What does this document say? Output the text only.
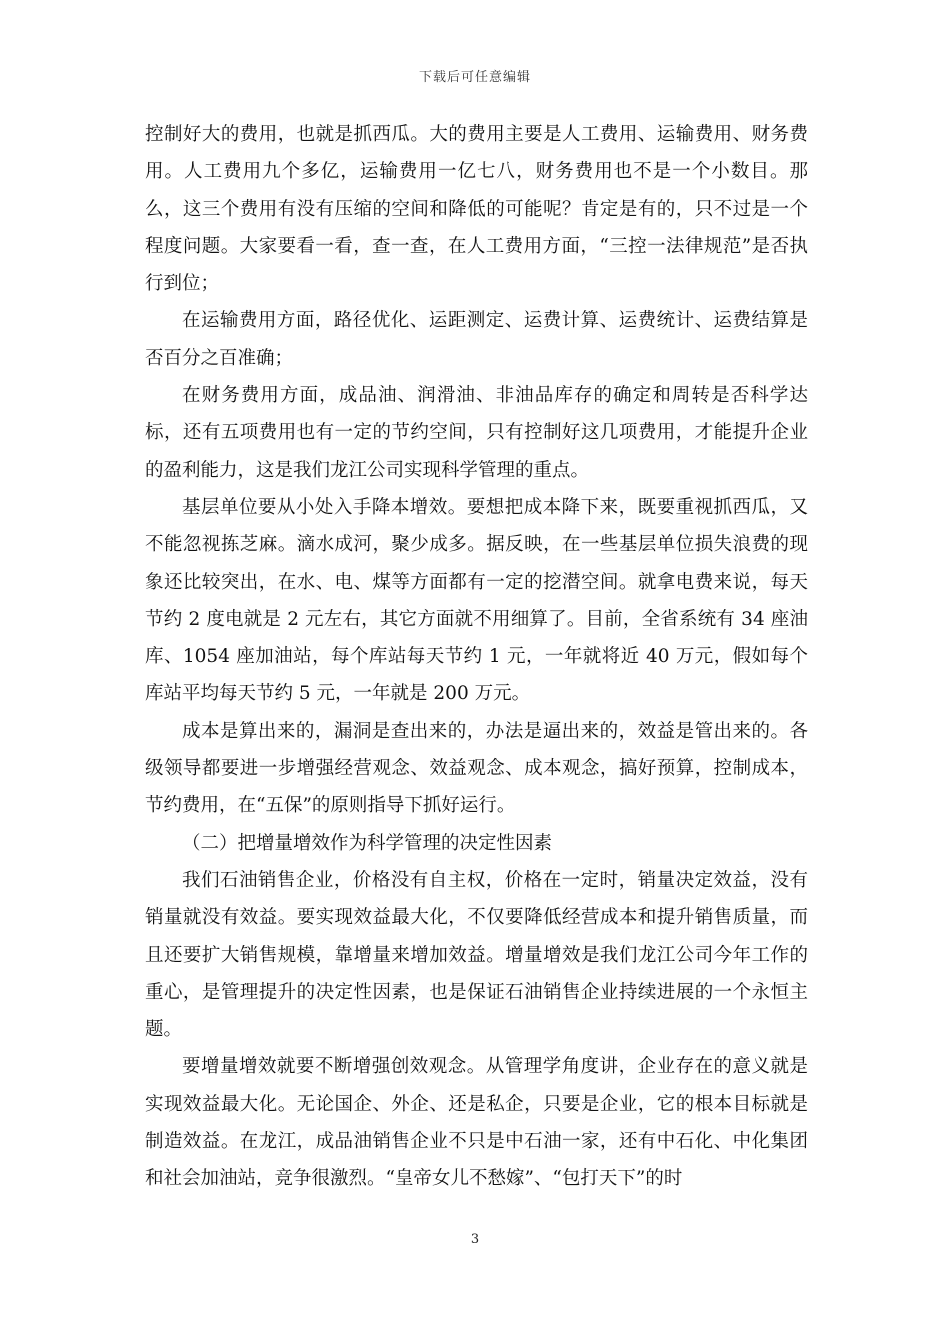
下载后可任意编辑

控制好大的费用，也就是抓西瓜。大的费用主要是人工费用、运输费用、财务费用。人工费用九个多亿，运输费用一亿七八，财务费用也不是一个小数目。那么，这三个费用有没有压缩的空间和降低的可能呢？肯定是有的，只不过是一个程度问题。大家要看一看，查一查，在人工费用方面，“三控一法律规范”是否执行到位；

在运输费用方面，路径优化、运距测定、运费计算、运费统计、运费结算是否百分之百准确；

在财务费用方面，成品油、润滑油、非油品库存的确定和周转是否科学达标，还有五项费用也有一定的节约空间，只有控制好这几项费用，才能提升企业的盈利能力，这是我们龙江公司实现科学管理的重点。

基层单位要从小处入手降本增效。要想把成本降下来，既要重视抓西瓜，又不能忽视拣芝麻。滴水成河，聚少成多。据反映，在一些基层单位损失浪费的现象还比较突出，在水、电、煤等方面都有一定的挖潜空间。就拿电费来说，每天节约 2 度电就是 2 元左右，其它方面就不用细算了。目前，全省系统有 34 座油库、1054 座加油站，每个库站每天节约 1 元，一年就将近 40 万元，假如每个库站平均每天节约 5 元，一年就是 200 万元。

成本是算出来的，漏洞是查出来的，办法是逼出来的，效益是管出来的。各级领导都要进一步增强经营观念、效益观念、成本观念，搞好预算，控制成本，节约费用，在“五保”的原则指导下抓好运行。

（二）把增量增效作为科学管理的决定性因素

我们石油销售企业，价格没有自主权，价格在一定时，销量决定效益，没有销量就没有效益。要实现效益最大化，不仅要降低经营成本和提升销售质量，而且还要扩大销售规模，靠增量来增加效益。增量增效是我们龙江公司今年工作的重心，是管理提升的决定性因素，也是保证石油销售企业持续进展的一个永恒主题。

要增量增效就要不断增强创效观念。从管理学角度讲，企业存在的意义就是实现效益最大化。无论国企、外企、还是私企，只要是企业，它的根本目标就是制造效益。在龙江，成品油销售企业不只是中石油一家，还有中石化、中化集团和社会加油站，竞争很激烈。“皇帝女儿不愁嫁”、“包打天下”的时

3
